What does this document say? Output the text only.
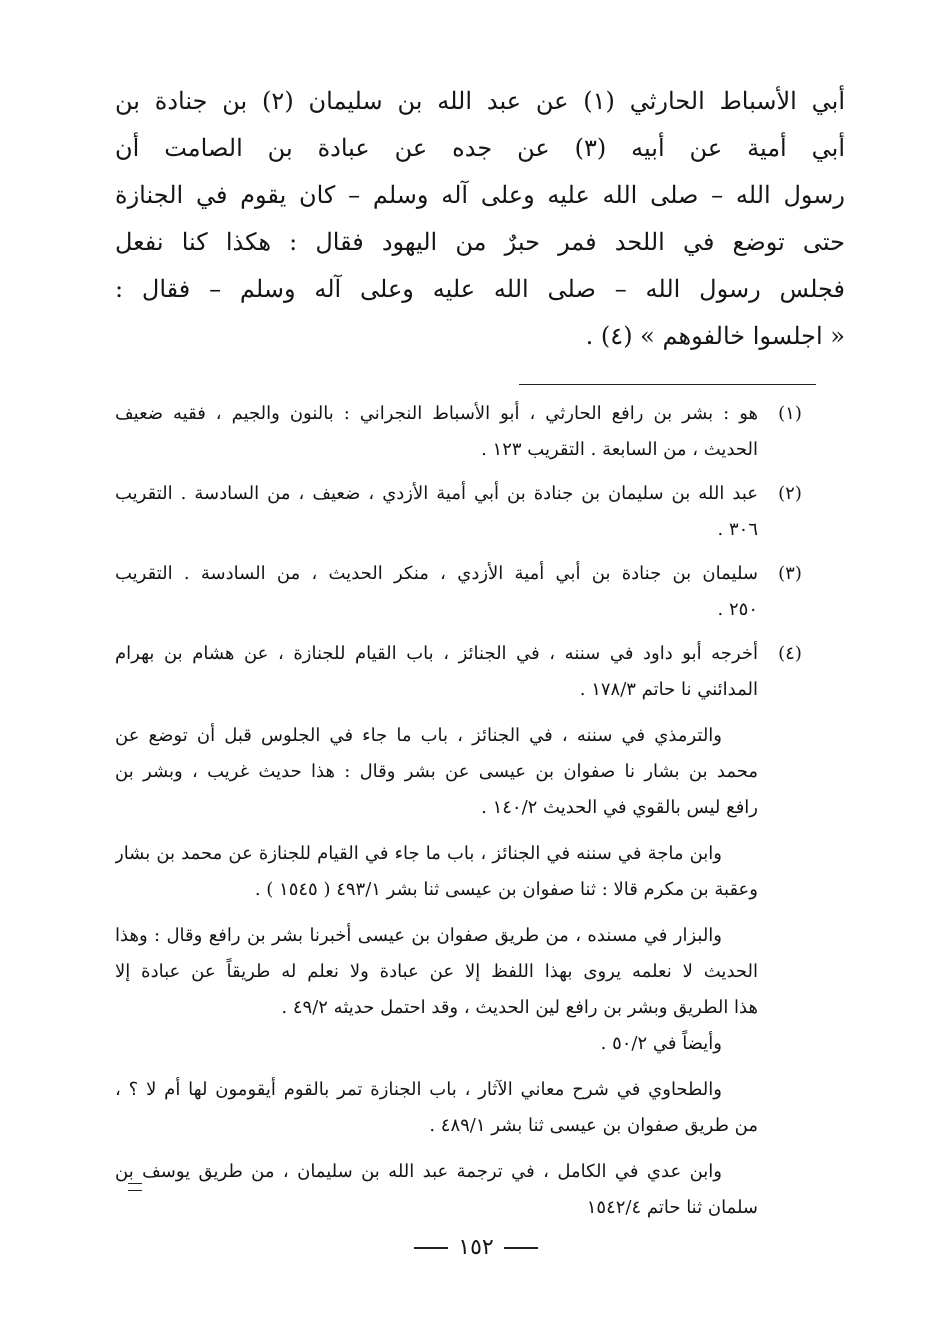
أبي الأسباط الحارثي (١) عن عبد الله بن سليمان (٢) بن جنادة بن
أبي أمية عن أبيه (٣) عن جده عن عبادة بن الصامت أن
رسول الله – صلى الله عليه وعلى آله وسلم – كان يقوم في الجنازة
حتى توضع في اللحد فمر حبرٌ من اليهود فقال : هكذا كنا نفعل
فجلس رسول الله – صلى الله عليه وعلى آله وسلم – فقال :
« اجلسوا خالفوهم » (٤) .
(١)
هو : بشر بن رافع الحارثي ، أبو الأسباط النجراني : بالنون والجيم ، فقيه ضعيف
الحديث ، من السابعة . التقريب ١٢٣ .
(٢)
عبد الله بن سليمان بن جنادة بن أبي أمية الأزدي ، ضعيف ، من السادسة . التقريب
٣٠٦ .
(٣)
سليمان بن جنادة بن أبي أمية الأزدي ، منكر الحديث ، من السادسة . التقريب
٢٥٠ .
(٤)
أخرجه أبو داود في سننه ، في الجنائز ، باب القيام للجنازة ، عن هشام بن بهرام
المدائني نا حاتم ١٧٨/٣ .
والترمذي في سننه ، في الجنائز ، باب ما جاء في الجلوس قبل أن توضع عن
محمد بن بشار نا صفوان بن عيسى عن بشر وقال : هذا حديث غريب ، وبشر بن
رافع ليس بالقوي في الحديث ١٤٠/٢ .
وابن ماجة في سننه في الجنائز ، باب ما جاء في القيام للجنازة عن محمد بن بشار
وعقبة بن مكرم قالا : ثنا صفوان بن عيسى ثنا بشر ٤٩٣/١ ( ١٥٤٥ ) .
والبزار في مسنده ، من طريق صفوان بن عيسى أخبرنا بشر بن رافع وقال : وهذا
الحديث لا نعلمه يروى بهذا اللفظ إلا عن عبادة ولا نعلم له طريقاً عن عبادة إلا
هذا الطريق وبشر بن رافع لين الحديث ، وقد احتمل حديثه ٤٩/٢ .
وأيضاً في ٥٠/٢ .
والطحاوي في شرح معاني الآثار ، باب الجنازة تمر بالقوم أيقومون لها أم لا ؟ ،
من طريق صفوان بن عيسى ثنا بشر ٤٨٩/١ .
وابن عدي في الكامل ، في ترجمة عبد الله بن سليمان ، من طريق يوسف بن
سلمان ثنا حاتم ١٥٤٢/٤
١٥٢
